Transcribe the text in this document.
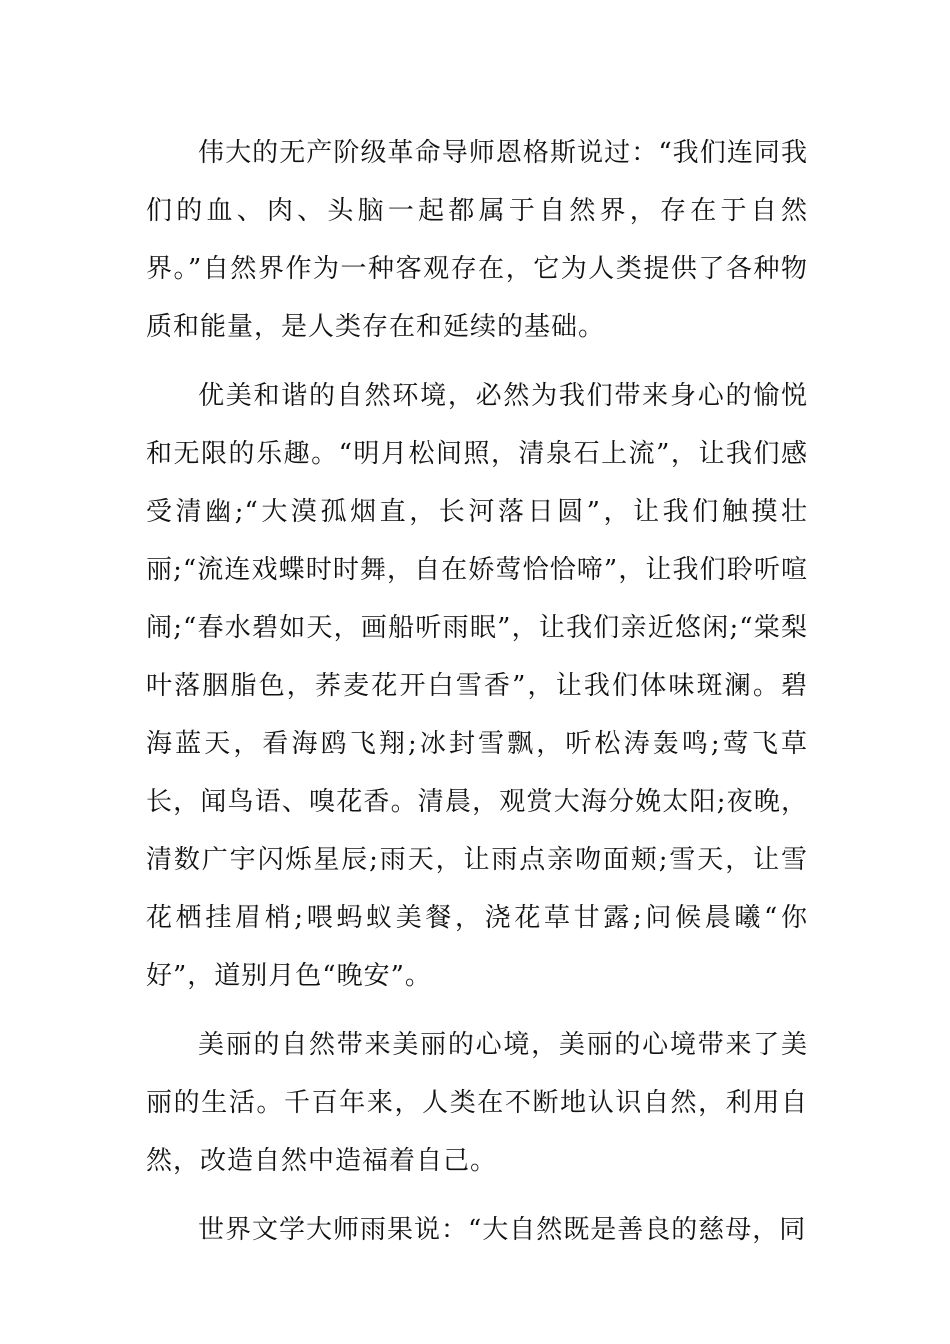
伟大的无产阶级革命导师恩格斯说过：“我们连同我们的血、肉、头脑一起都属于自然界，存在于自然界。”自然界作为一种客观存在，它为人类提供了各种物质和能量，是人类存在和延续的基础。

优美和谐的自然环境，必然为我们带来身心的愉悦和无限的乐趣。“明月松间照，清泉石上流”，让我们感受清幽;“大漠孤烟直，长河落日圆”，让我们触摸壮丽;“流连戏蝶时时舞，自在娇莺恰恰啼”，让我们聆听喧闹;“春水碧如天，画船听雨眠”，让我们亲近悠闲;“棠梨叶落胭脂色，荞麦花开白雪香”，让我们体味斑澜。碧海蓝天，看海鸥飞翔;冰封雪飘，听松涛轰鸣;莺飞草长，闻鸟语、嗅花香。清晨，观赏大海分娩太阳;夜晚，清数广宇闪烁星辰;雨天，让雨点亲吻面颊;雪天，让雪花栖挂眉梢;喂蚂蚁美餐，浇花草甘露;问候晨曦“你好”，道别月色“晚安”。

美丽的自然带来美丽的心境，美丽的心境带来了美丽的生活。千百年来，人类在不断地认识自然，利用自然，改造自然中造福着自己。

世界文学大师雨果说：“大自然既是善良的慈母，同
